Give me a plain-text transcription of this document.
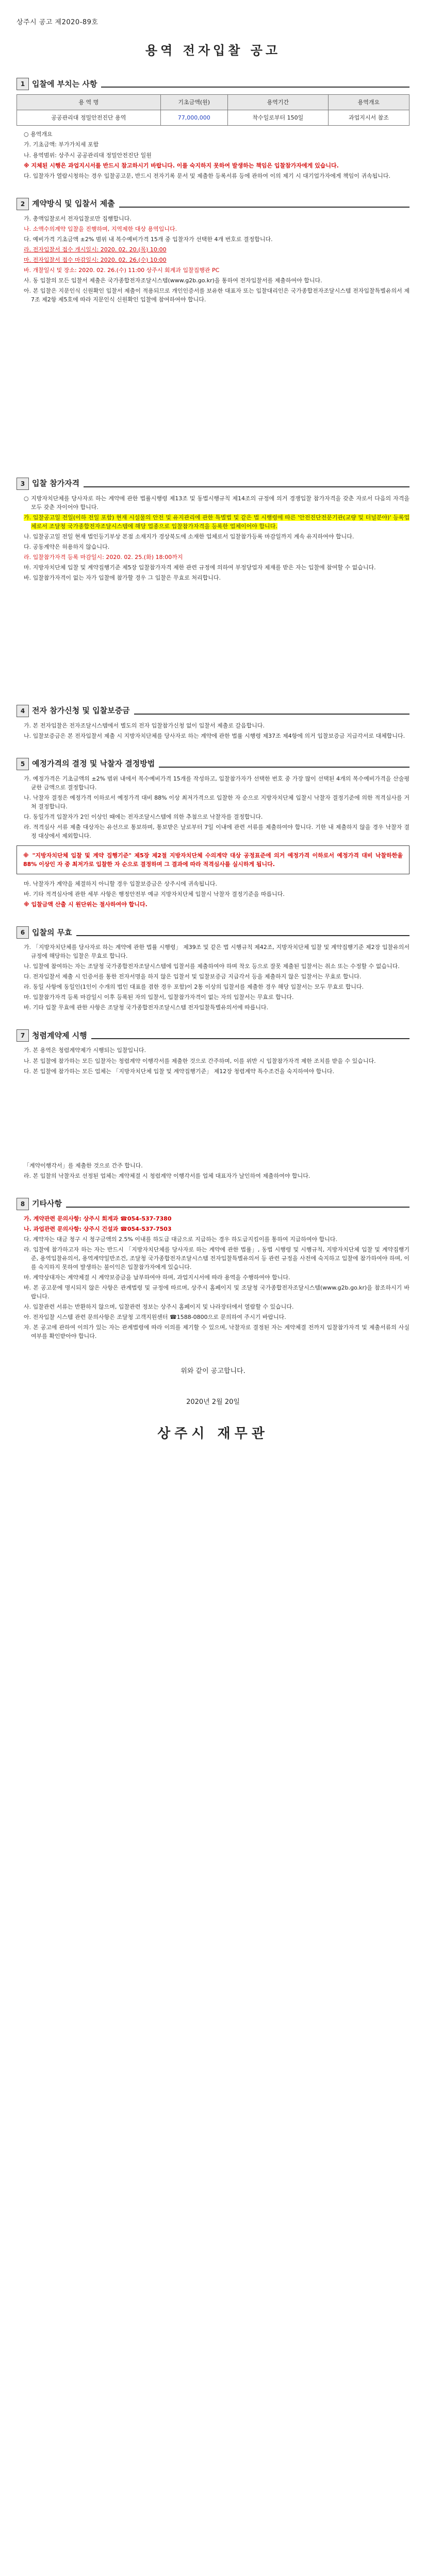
상주시 공고 제2020-89호
용역 전자입찰 공고
1 입찰에 부치는 사항
용 역 명	기초금액(원)	용역기간	용역개요
공공관리대 정밀안전진단 용역	77,000,000	착수일로부터 150일	과업지시서 참조
○ 용역개요
가. 기초금액: 부가가치세 포함
나. 용역범위: 상주시 공공관리대 정밀안전진단 일원
※ 지체된 시행은 과업지시서를 반드시 참고하시기 바랍니다. 이를 숙지하지 못하여 발생하는 책임은 입찰참가자에게 있습니다.
다. 입찰자가 열람시청하는 경우 입찰공고문, 반드시 전자기록 문서 및 제출한 등록서류 등에 관하여 이의 제기 시 대기업가자에게 책임이 귀속됩니다.
2 계약방식 및 입찰서 제출
가. 총액입찰로서 전자입찰로만 집행합니다.
나. 소액수의계약 입찰을 진행하며, 지역제한 대상 용역입니다.
다. 예비가격 기초금액 ±2% 범위 내 복수예비가격 15개 중 입찰자가 선택한 4개 번호로 결정합니다.
라. 전자입찰서 접수 개시일시: 2020. 02. 20.(목) 10:00
마. 전자입찰서 접수 마감일시: 2020. 02. 26.(수) 10:00
바. 개찰일시 및 장소: 2020. 02. 26.(수) 11:00 상주시 회계과 입찰집행관 PC
사. 동 입찰의 모든 입찰서 제출은 국가종합전자조달시스템(www.g2b.go.kr)을 통하여 전자입찰서를 제출하여야 합니다.
아. 본 입찰은 지문인식 신원확인 입찰서 제출이 적용되므로 개인인증서를 보유한 대표자 또는 입찰대리인은 국가종합전자조달시스템 전자입찰특별유의서 제7조 제2항 제5호에 따라 지문인식 신원확인 입찰에 참여하여야 합니다.
3 입찰 참가자격
○ 지방자치단체를 당사자로 하는 계약에 관한 법률시행령 제13조 및 동법시행규칙 제14조의 규정에 의거 경쟁입찰 참가자격을 갖춘 자로서 다음의 자격을 모두 갖춘 자이어야 합니다.
가. 입찰공고일 전일(이하 전일 포함) 현재 시설물의 안전 및 유지관리에 관한 특별법 및 같은 법 시행령에 따른 '안전진단전문기관(교량 및 터널분야)' 등록업체로서 조달청 국가종합전자조달시스템에 해당 업종으로 입찰참가자격을 등록한 업체이어야 합니다.
나. 입찰공고일 전일 현재 법인등기부상 본점 소재지가 경상북도에 소재한 업체로서 입찰참가등록 마감일까지 계속 유지하여야 합니다.
다. 공동계약은 허용하지 않습니다.
라. 입찰참가자격 등록 마감일시: 2020. 02. 25.(화) 18:00까지
마. 지방자치단체 입찰 및 계약집행기준 제5장 입찰참가자격 제한 관련 규정에 의하여 부정당업자 제재를 받은 자는 입찰에 참여할 수 없습니다.
바. 입찰참가자격이 없는 자가 입찰에 참가할 경우 그 입찰은 무효로 처리합니다.
4 전자 참가신청 및 입찰보증금
가. 본 전자입찰은 전자조달시스템에서 별도의 전자 입찰참가신청 없이 입찰서 제출로 갈음합니다.
나. 입찰보증금은 본 전자입찰서 제출 시 지방자치단체를 당사자로 하는 계약에 관한 법률 시행령 제37조 제4항에 의거 입찰보증금 지급각서로 대체합니다.
5 예정가격의 결정 및 낙찰자 결정방법
가. 예정가격은 기초금액의 ±2% 범위 내에서 복수예비가격 15개를 작성하고, 입찰참가자가 선택한 번호 중 가장 많이 선택된 4개의 복수예비가격을 산술평균한 금액으로 결정합니다.
나. 낙찰자 결정은 예정가격 이하로서 예정가격 대비 88% 이상 최저가격으로 입찰한 자 순으로 지방자치단체 입찰시 낙찰자 결정기준에 의한 적격심사를 거쳐 결정합니다.
다. 동일가격 입찰자가 2인 이상인 때에는 전자조달시스템에 의한 추첨으로 낙찰자를 결정합니다.
라. 적격심사 서류 제출 대상자는 유선으로 통보하며, 통보받은 날로부터 7일 이내에 관련 서류를 제출하여야 합니다. 기한 내 제출하지 않을 경우 낙찰자 결정 대상에서 제외합니다.
※ "지방자치단체 입찰 및 계약 집행기준" 제5장 제2절 지방자치단체 수의계약 대상 공정표준에 의거 예정가격 이하로서 예정가격 대비 낙찰하한율 88% 이상인 자 중 최저가로 입찰한 자 순으로 결정하며 그 결과에 따라 적격심사를 실시하게 됩니다.
마. 낙찰자가 계약을 체결하지 아니할 경우 입찰보증금은 상주시에 귀속됩니다.
바. 기타 적격심사에 관한 세부 사항은 행정안전부 예규 지방자치단체 입찰시 낙찰자 결정기준을 따릅니다.
※ 입찰금액 산출 시 원단위는 절사하여야 합니다.
6 입찰의 무효
가. 「지방자치단체를 당사자로 하는 계약에 관한 법률 시행령」 제39조 및 같은 법 시행규칙 제42조, 지방자치단체 입찰 및 계약집행기준 제2장 입찰유의서 규정에 해당하는 입찰은 무효로 합니다.
나. 입찰에 참여하는 자는 조달청 국가종합전자조달시스템에 입찰서를 제출하여야 하며 착오 등으로 잘못 제출된 입찰서는 취소 또는 수정할 수 없습니다.
다. 전자입찰서 제출 시 인증서를 통한 전자서명을 하지 않은 입찰서 및 입찰보증금 지급각서 등을 제출하지 않은 입찰서는 무효로 합니다.
라. 동일 사항에 동일인(1인이 수개의 법인 대표를 겸한 경우 포함)이 2통 이상의 입찰서를 제출한 경우 해당 입찰서는 모두 무효로 합니다.
마. 입찰참가자격 등록 마감일시 이후 등록된 자의 입찰서, 입찰참가자격이 없는 자의 입찰서는 무효로 합니다.
바. 기타 입찰 무효에 관한 사항은 조달청 국가종합전자조달시스템 전자입찰특별유의서에 따릅니다.
7 청렴계약제 시행
가. 본 용역은 청렴계약제가 시행되는 입찰입니다.
나. 본 입찰에 참가하는 모든 입찰자는 청렴계약 이행각서를 제출한 것으로 간주하며, 이를 위반 시 입찰참가자격 제한 조치를 받을 수 있습니다.
다. 본 입찰에 참가하는 모든 업체는 「지방자치단체 입찰 및 계약집행기준」 제12장 청렴계약 특수조건을 숙지하여야 합니다.
「계약이행각서」를 제출한 것으로 간주 합니다.
라. 본 입찰의 낙찰자로 선정된 업체는 계약체결 시 청렴계약 이행각서를 업체 대표자가 날인하여 제출하여야 합니다.
8 기타사항
가. 계약관련 문의사항: 상주시 회계과 ☎054-537-7380
나. 과업관련 문의사항: 상주시 건설과 ☎054-537-7503
다. 계약자는 대금 청구 시 청구금액의 2.5% 이내를 하도급 대금으로 지급하는 경우 하도급지킴이를 통하여 지급하여야 합니다.
라. 입찰에 참가하고자 하는 자는 반드시 「지방자치단체를 당사자로 하는 계약에 관한 법률」, 동법 시행령 및 시행규칙, 지방자치단체 입찰 및 계약집행기준, 용역입찰유의서, 용역계약일반조건, 조달청 국가종합전자조달시스템 전자입찰특별유의서 등 관련 규정을 사전에 숙지하고 입찰에 참가하여야 하며, 이를 숙지하지 못하여 발생하는 불이익은 입찰참가자에게 있습니다.
마. 계약상대자는 계약체결 시 계약보증금을 납부하여야 하며, 과업지시서에 따라 용역을 수행하여야 합니다.
바. 본 공고문에 명시되지 않은 사항은 관계법령 및 규정에 따르며, 상주시 홈페이지 및 조달청 국가종합전자조달시스템(www.g2b.go.kr)을 참조하시기 바랍니다.
사. 입찰관련 서류는 반환하지 않으며, 입찰관련 정보는 상주시 홈페이지 및 나라장터에서 열람할 수 있습니다.
아. 전자입찰 시스템 관련 문의사항은 조달청 고객지원센터 ☎1588-0800으로 문의하여 주시기 바랍니다.
자. 본 공고에 관하여 이의가 있는 자는 관계법령에 따라 이의를 제기할 수 있으며, 낙찰자로 결정된 자는 계약체결 전까지 입찰참가자격 및 제출서류의 사실 여부를 확인받아야 합니다.
위와 같이 공고합니다.
2020년 2월 20일
상주시 재무관
